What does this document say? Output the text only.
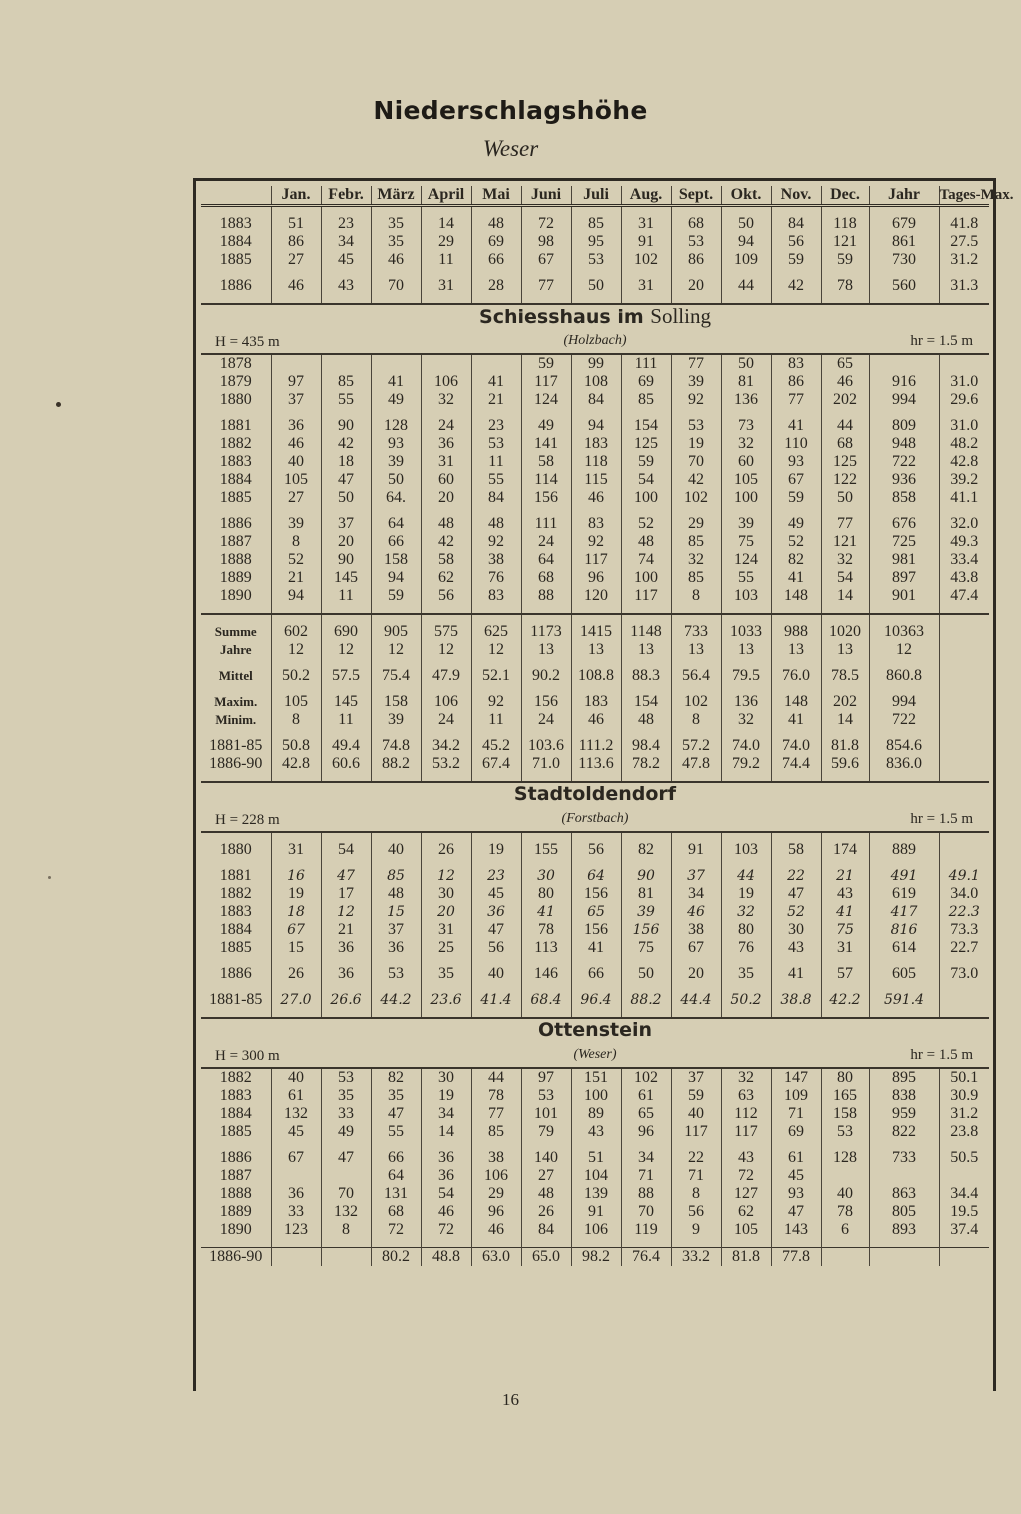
Niederschlagshöhe
Weser
	Jan.	Febr.	März	April	Mai	Juni	Juli	Aug.	Sept.	Okt.	Nov.	Dec.	Jahr	Tages-Max.

1883	51	23	35	14	48	72	85	31	68	50	84	118	679	41.8
1884	86	34	35	29	69	98	95	91	53	94	56	121	861	27.5
1885	27	45	46	11	66	67	53	102	86	109	59	59	730	31.2

1886	46	43	70	31	28	77	50	31	20	44	42	78	560	31.3

Schiesshaus im Solling
(Holzbach)
H = 435 m hr = 1.5 m														

1878						59	99	111	77	50	83	65		
1879	97	85	41	106	41	117	108	69	39	81	86	46	916	31.0
1880	37	55	49	32	21	124	84	85	92	136	77	202	994	29.6

1881	36	90	128	24	23	49	94	154	53	73	41	44	809	31.0
1882	46	42	93	36	53	141	183	125	19	32	110	68	948	48.2
1883	40	18	39	31	11	58	118	59	70	60	93	125	722	42.8
1884	105	47	50	60	55	114	115	54	42	105	67	122	936	39.2
1885	27	50	64.	20	84	156	46	100	102	100	59	50	858	41.1

1886	39	37	64	48	48	111	83	52	29	39	49	77	676	32.0
1887	8	20	66	42	92	24	92	48	85	75	52	121	725	49.3
1888	52	90	158	58	38	64	117	74	32	124	82	32	981	33.4
1889	21	145	94	62	76	68	96	100	85	55	41	54	897	43.8
1890	94	11	59	56	83	88	120	117	8	103	148	14	901	47.4

Summe	602	690	905	575	625	1173	1415	1148	733	1033	988	1020	10363	
Jahre	12	12	12	12	12	13	13	13	13	13	13	13	12	

Mittel	50.2	57.5	75.4	47.9	52.1	90.2	108.8	88.3	56.4	79.5	76.0	78.5	860.8	

Maxim.	105	145	158	106	92	156	183	154	102	136	148	202	994	
Minim.	8	11	39	24	11	24	46	48	8	32	41	14	722	

1881-85	50.8	49.4	74.8	34.2	45.2	103.6	111.2	98.4	57.2	74.0	74.0	81.8	854.6	
1886-90	42.8	60.6	88.2	53.2	67.4	71.0	113.6	78.2	47.8	79.2	74.4	59.6	836.0	

Stadtoldendorf
(Forstbach)
H = 228 m hr = 1.5 m														

1880	31	54	40	26	19	155	56	82	91	103	58	174	889	

1881	16	47	85	12	23	30	64	90	37	44	22	21	491	49.1
1882	19	17	48	30	45	80	156	81	34	19	47	43	619	34.0
1883	18	12	15	20	36	41	65	39	46	32	52	41	417	22.3
1884	67	21	37	31	47	78	156	156	38	80	30	75	816	73.3
1885	15	36	36	25	56	113	41	75	67	76	43	31	614	22.7

1886	26	36	53	35	40	146	66	50	20	35	41	57	605	73.0

1881-85	27.0	26.6	44.2	23.6	41.4	68.4	96.4	88.2	44.4	50.2	38.8	42.2	591.4	

Ottenstein
(Weser)
H = 300 m hr = 1.5 m														

1882	40	53	82	30	44	97	151	102	37	32	147	80	895	50.1
1883	61	35	35	19	78	53	100	61	59	63	109	165	838	30.9
1884	132	33	47	34	77	101	89	65	40	112	71	158	959	31.2
1885	45	49	55	14	85	79	43	96	117	117	69	53	822	23.8

1886	67	47	66	36	38	140	51	34	22	43	61	128	733	50.5
1887			64	36	106	27	104	71	71	72	45			
1888	36	70	131	54	29	48	139	88	8	127	93	40	863	34.4
1889	33	132	68	46	96	26	91	70	56	62	47	78	805	19.5
1890	123	8	72	72	46	84	106	119	9	105	143	6	893	37.4

1886-90			80.2	48.8	63.0	65.0	98.2	76.4	33.2	81.8	77.8			
16
